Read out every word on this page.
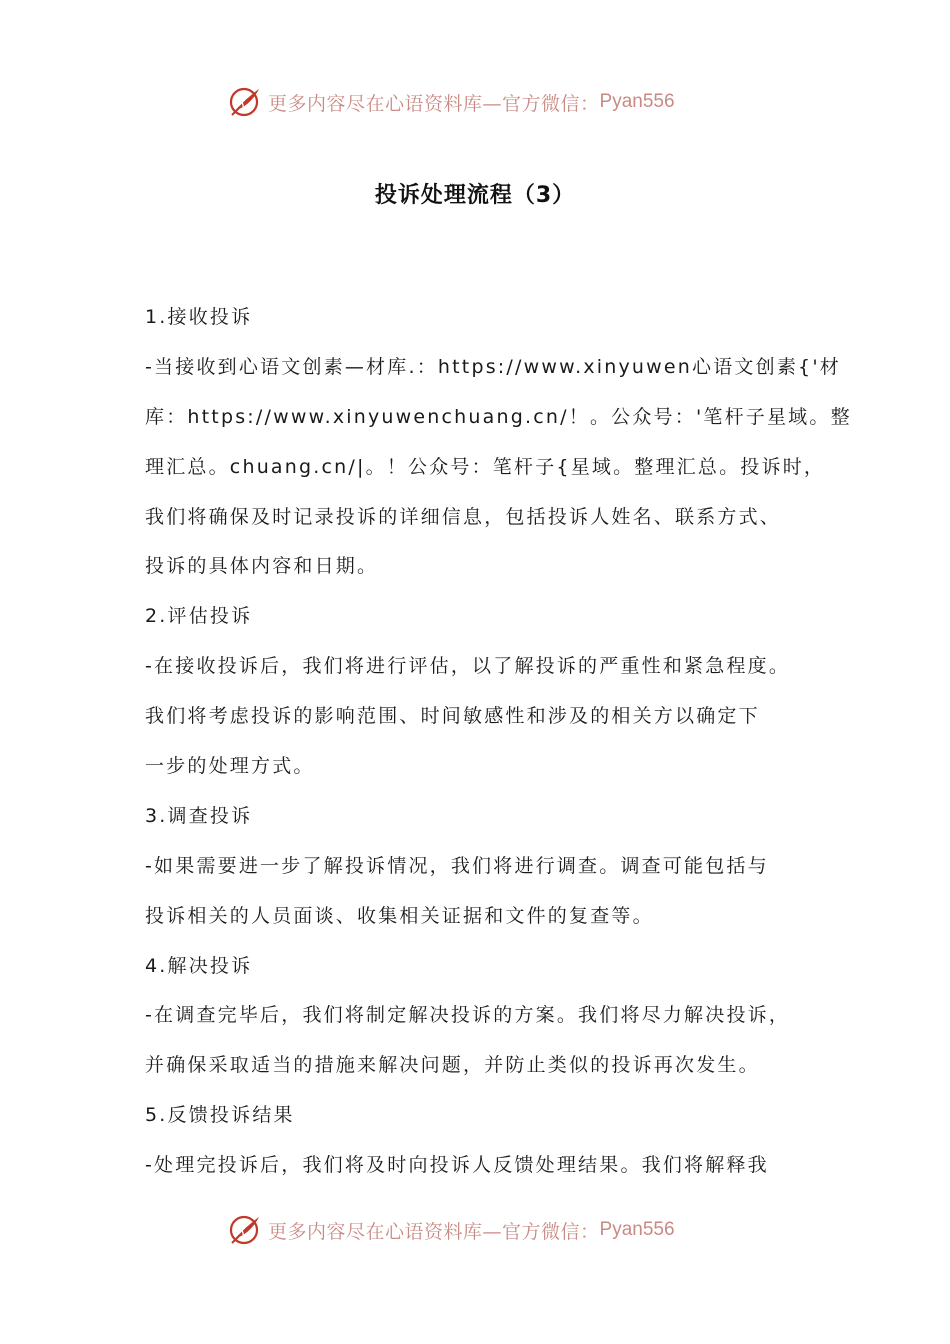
更多内容尽在心语资料库—官方微信： Pyan556
投诉处理流程（3）
1.接收投诉
-当接收到心语文创素—材库.：https://www.xinyuwen心语文创素{'材
库：https://www.xinyuwenchuang.cn/！。公众号：'笔杆子星域。整
理汇总。chuang.cn/|。！公众号：笔杆子{星域。整理汇总。投诉时，
我们将确保及时记录投诉的详细信息，包括投诉人姓名、联系方式、
投诉的具体内容和日期。
2.评估投诉
-在接收投诉后，我们将进行评估，以了解投诉的严重性和紧急程度。
我们将考虑投诉的影响范围、时间敏感性和涉及的相关方以确定下
一步的处理方式。
3.调查投诉
-如果需要进一步了解投诉情况，我们将进行调查。调查可能包括与
投诉相关的人员面谈、收集相关证据和文件的复查等。
4.解决投诉
-在调查完毕后，我们将制定解决投诉的方案。我们将尽力解决投诉，
并确保采取适当的措施来解决问题，并防止类似的投诉再次发生。
5.反馈投诉结果
-处理完投诉后，我们将及时向投诉人反馈处理结果。我们将解释我
更多内容尽在心语资料库—官方微信： Pyan556
